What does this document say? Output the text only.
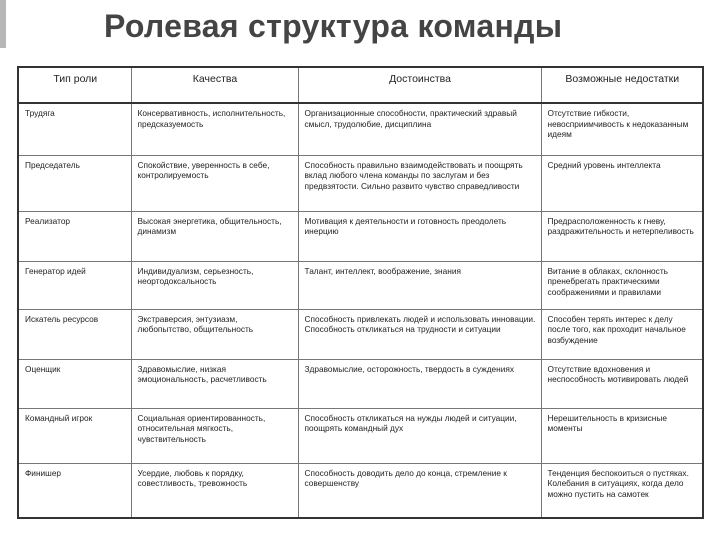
Ролевая структура команды
Тип роли	Качества	Достоинства	Возможные недостатки
Трудяга	Консервативность, исполнительность, предсказуемость	Организационные способности, практический здравый смысл, трудолюбие, дисциплина	Отсутствие гибкости, невосприимчивость к недоказанным идеям
Председатель	Спокойствие, уверенность в себе, контролируемость	Способность правильно взаимодействовать и поощрять вклад любого члена команды по заслугам и без предвзятости. Сильно развито чувство справедливости	Средний уровень интеллекта
Реализатор	Высокая энергетика, общительность, динамизм	Мотивация к деятельности и готовность преодолеть инерцию	Предрасположенность к гневу, раздражительность и нетерпеливость
Генератор идей	Индивидуализм, серьезность, неортодоксальность	Талант, интеллект, воображение, знания	Витание в облаках, склонность пренебрегать практическими соображениями и правилами
Искатель ресурсов	Экстраверсия, энтузиазм, любопытство, общительность	Способность привлекать людей и использовать инновации. Способность откликаться на трудности и ситуации	Способен терять интерес к делу после того, как проходит начальное возбуждение
Оценщик	Здравомыслие, низкая эмоциональность, расчетливость	Здравомыслие, осторожность, твердость в суждениях	Отсутствие вдохновения и неспособность мотивировать людей
Командный игрок	Социальная ориентированность, относительная мягкость, чувствительность	Способность откликаться на нужды людей и ситуации, поощрять командный дух	Нерешительность в кризисные моменты
Финишер	Усердие, любовь к порядку, совестливость, тревожность	Способность доводить дело до конца, стремление к совершенству	Тенденция беспокоиться о пустяках. Колебания в ситуациях, когда дело можно пустить на самотек
